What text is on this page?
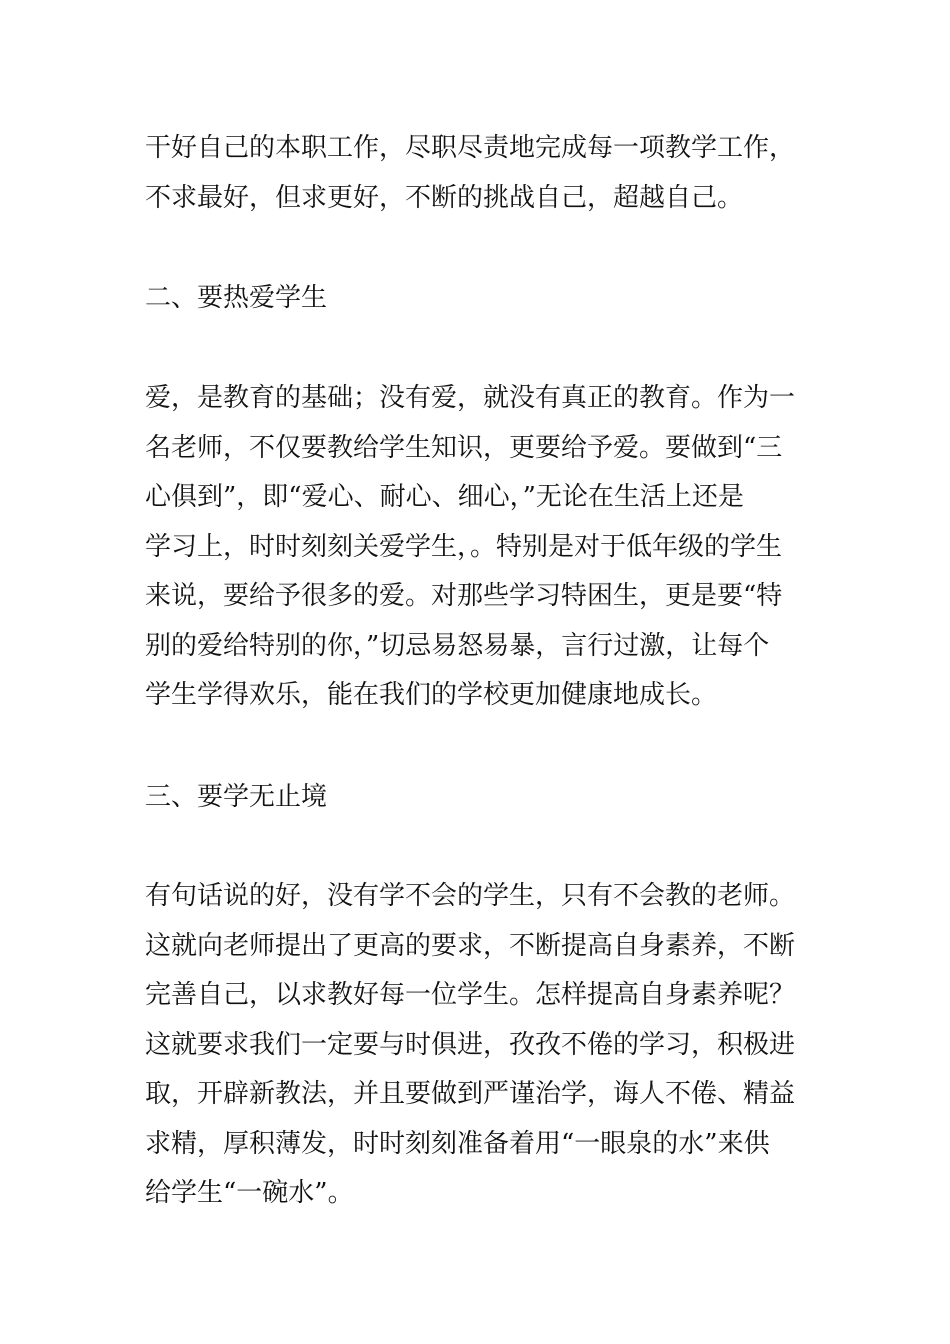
干好自己的本职工作，尽职尽责地完成每一项教学工作，
不求最好，但求更好，不断的挑战自己，超越自己。

二、要热爱学生

爱，是教育的基础；没有爱，就没有真正的教育。作为一
名老师，不仅要教给学生知识，更要给予爱。要做到“三
心俱到”，即“爱心、耐心、细心，”无论在生活上还是
学习上，时时刻刻关爱学生，。特别是对于低年级的学生
来说，要给予很多的爱。对那些学习特困生，更是要“特
别的爱给特别的你，”切忌易怒易暴，言行过激，让每个
学生学得欢乐，能在我们的学校更加健康地成长。

三、要学无止境

有句话说的好，没有学不会的学生，只有不会教的老师。
这就向老师提出了更高的要求，不断提高自身素养，不断
完善自己，以求教好每一位学生。怎样提高自身素养呢？
这就要求我们一定要与时俱进，孜孜不倦的学习，积极进
取，开辟新教法，并且要做到严谨治学，诲人不倦、精益
求精，厚积薄发，时时刻刻准备着用“一眼泉的水”来供
给学生“一碗水”。
